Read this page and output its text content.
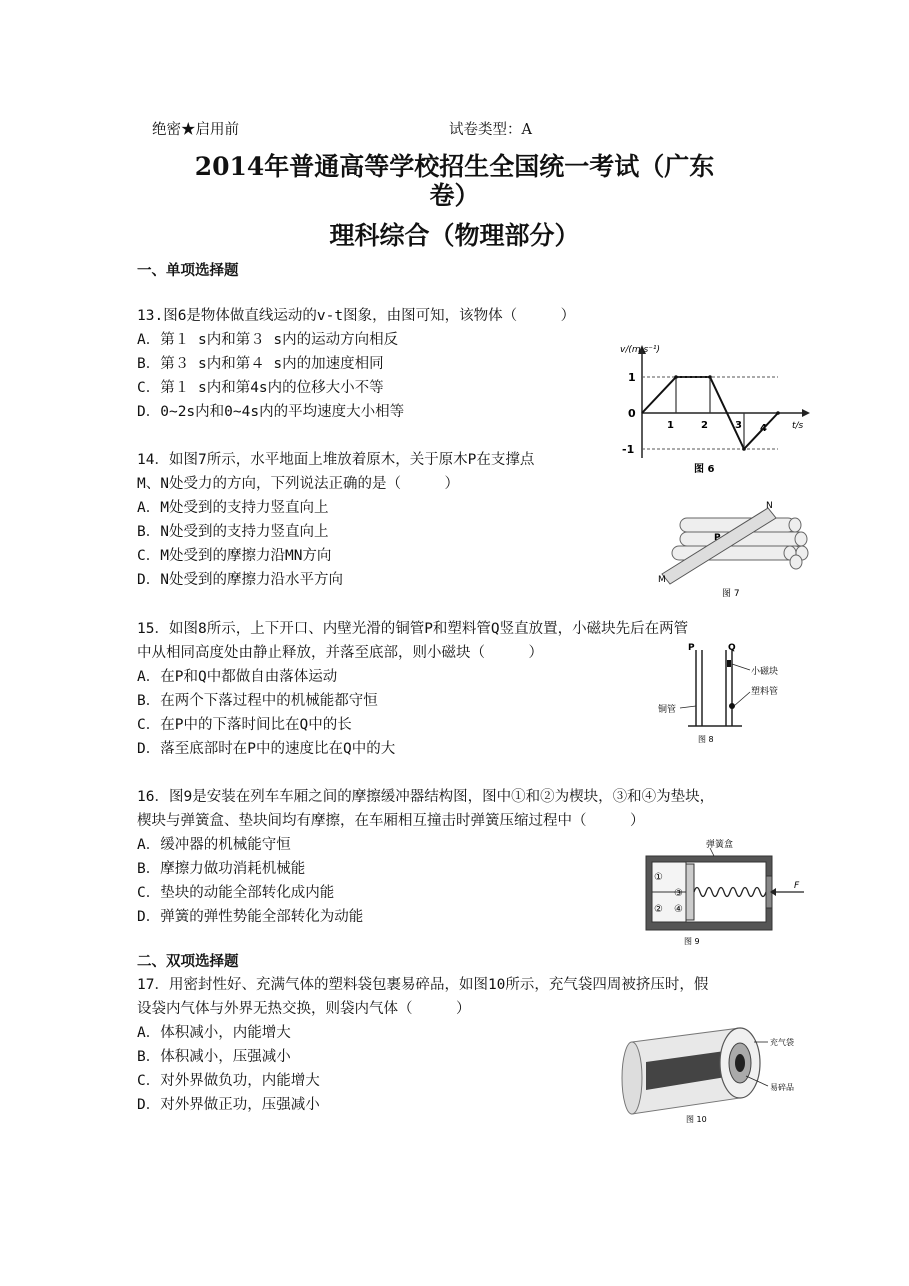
绝密★启用前	试卷类型：A
2014年普通高等学校招生全国统一考试（广东
卷）
理科综合（物理部分）
一、单项选择题
13.图6是物体做直线运动的v-t图象，由图可知，该物体（　　　）
A．第１ s内和第３ s内的运动方向相反
B．第３ s内和第４ s内的加速度相同
C．第１ s内和第4s内的位移大小不等
D．0~2s内和0~4s内的平均速度大小相等
v/(m·s⁻¹)
t/s
1
0
-1
1	2	3 4
图 6
14．如图7所示，水平地面上堆放着原木，关于原木P在支撑点
M、N处受力的方向，下列说法正确的是（　　　）
A．M处受到的支持力竖直向上
B．N处受到的支持力竖直向上
C．M处受到的摩擦力沿MN方向
D．N处受到的摩擦力沿水平方向	M
N
P
图 7
15．如图8所示，上下开口、内壁光滑的铜管P和塑料管Q竖直放置，小磁块先后在两管
中从相同高度处由静止释放，并落至底部，则小磁块（　　　）
A．在P和Q中都做自由落体运动
B．在两个下落过程中的机械能都守恒
C．在P中的下落时间比在Q中的长
D．落至底部时在P中的速度比在Q中的大
P	Q
小磁块
塑料管
铜管
图 8
16．图9是安装在列车车厢之间的摩擦缓冲器结构图，图中①和②为楔块，③和④为垫块，
楔块与弹簧盒、垫块间均有摩擦，在车厢相互撞击时弹簧压缩过程中（　　　）
A．缓冲器的机械能守恒
B．摩擦力做功消耗机械能
C．垫块的动能全部转化成内能
D．弹簧的弹性势能全部转化为动能
弹簧盒
①
②
③
④
F
图 9
二、双项选择题
17．用密封性好、充满气体的塑料袋包裹易碎品，如图10所示，充气袋四周被挤压时，假
设袋内气体与外界无热交换，则袋内气体（　　　）
A．体积减小，内能增大
B．体积减小，压强减小
C．对外界做负功，内能增大
D．对外界做正功，压强减小
充气袋
易碎品
图 10
